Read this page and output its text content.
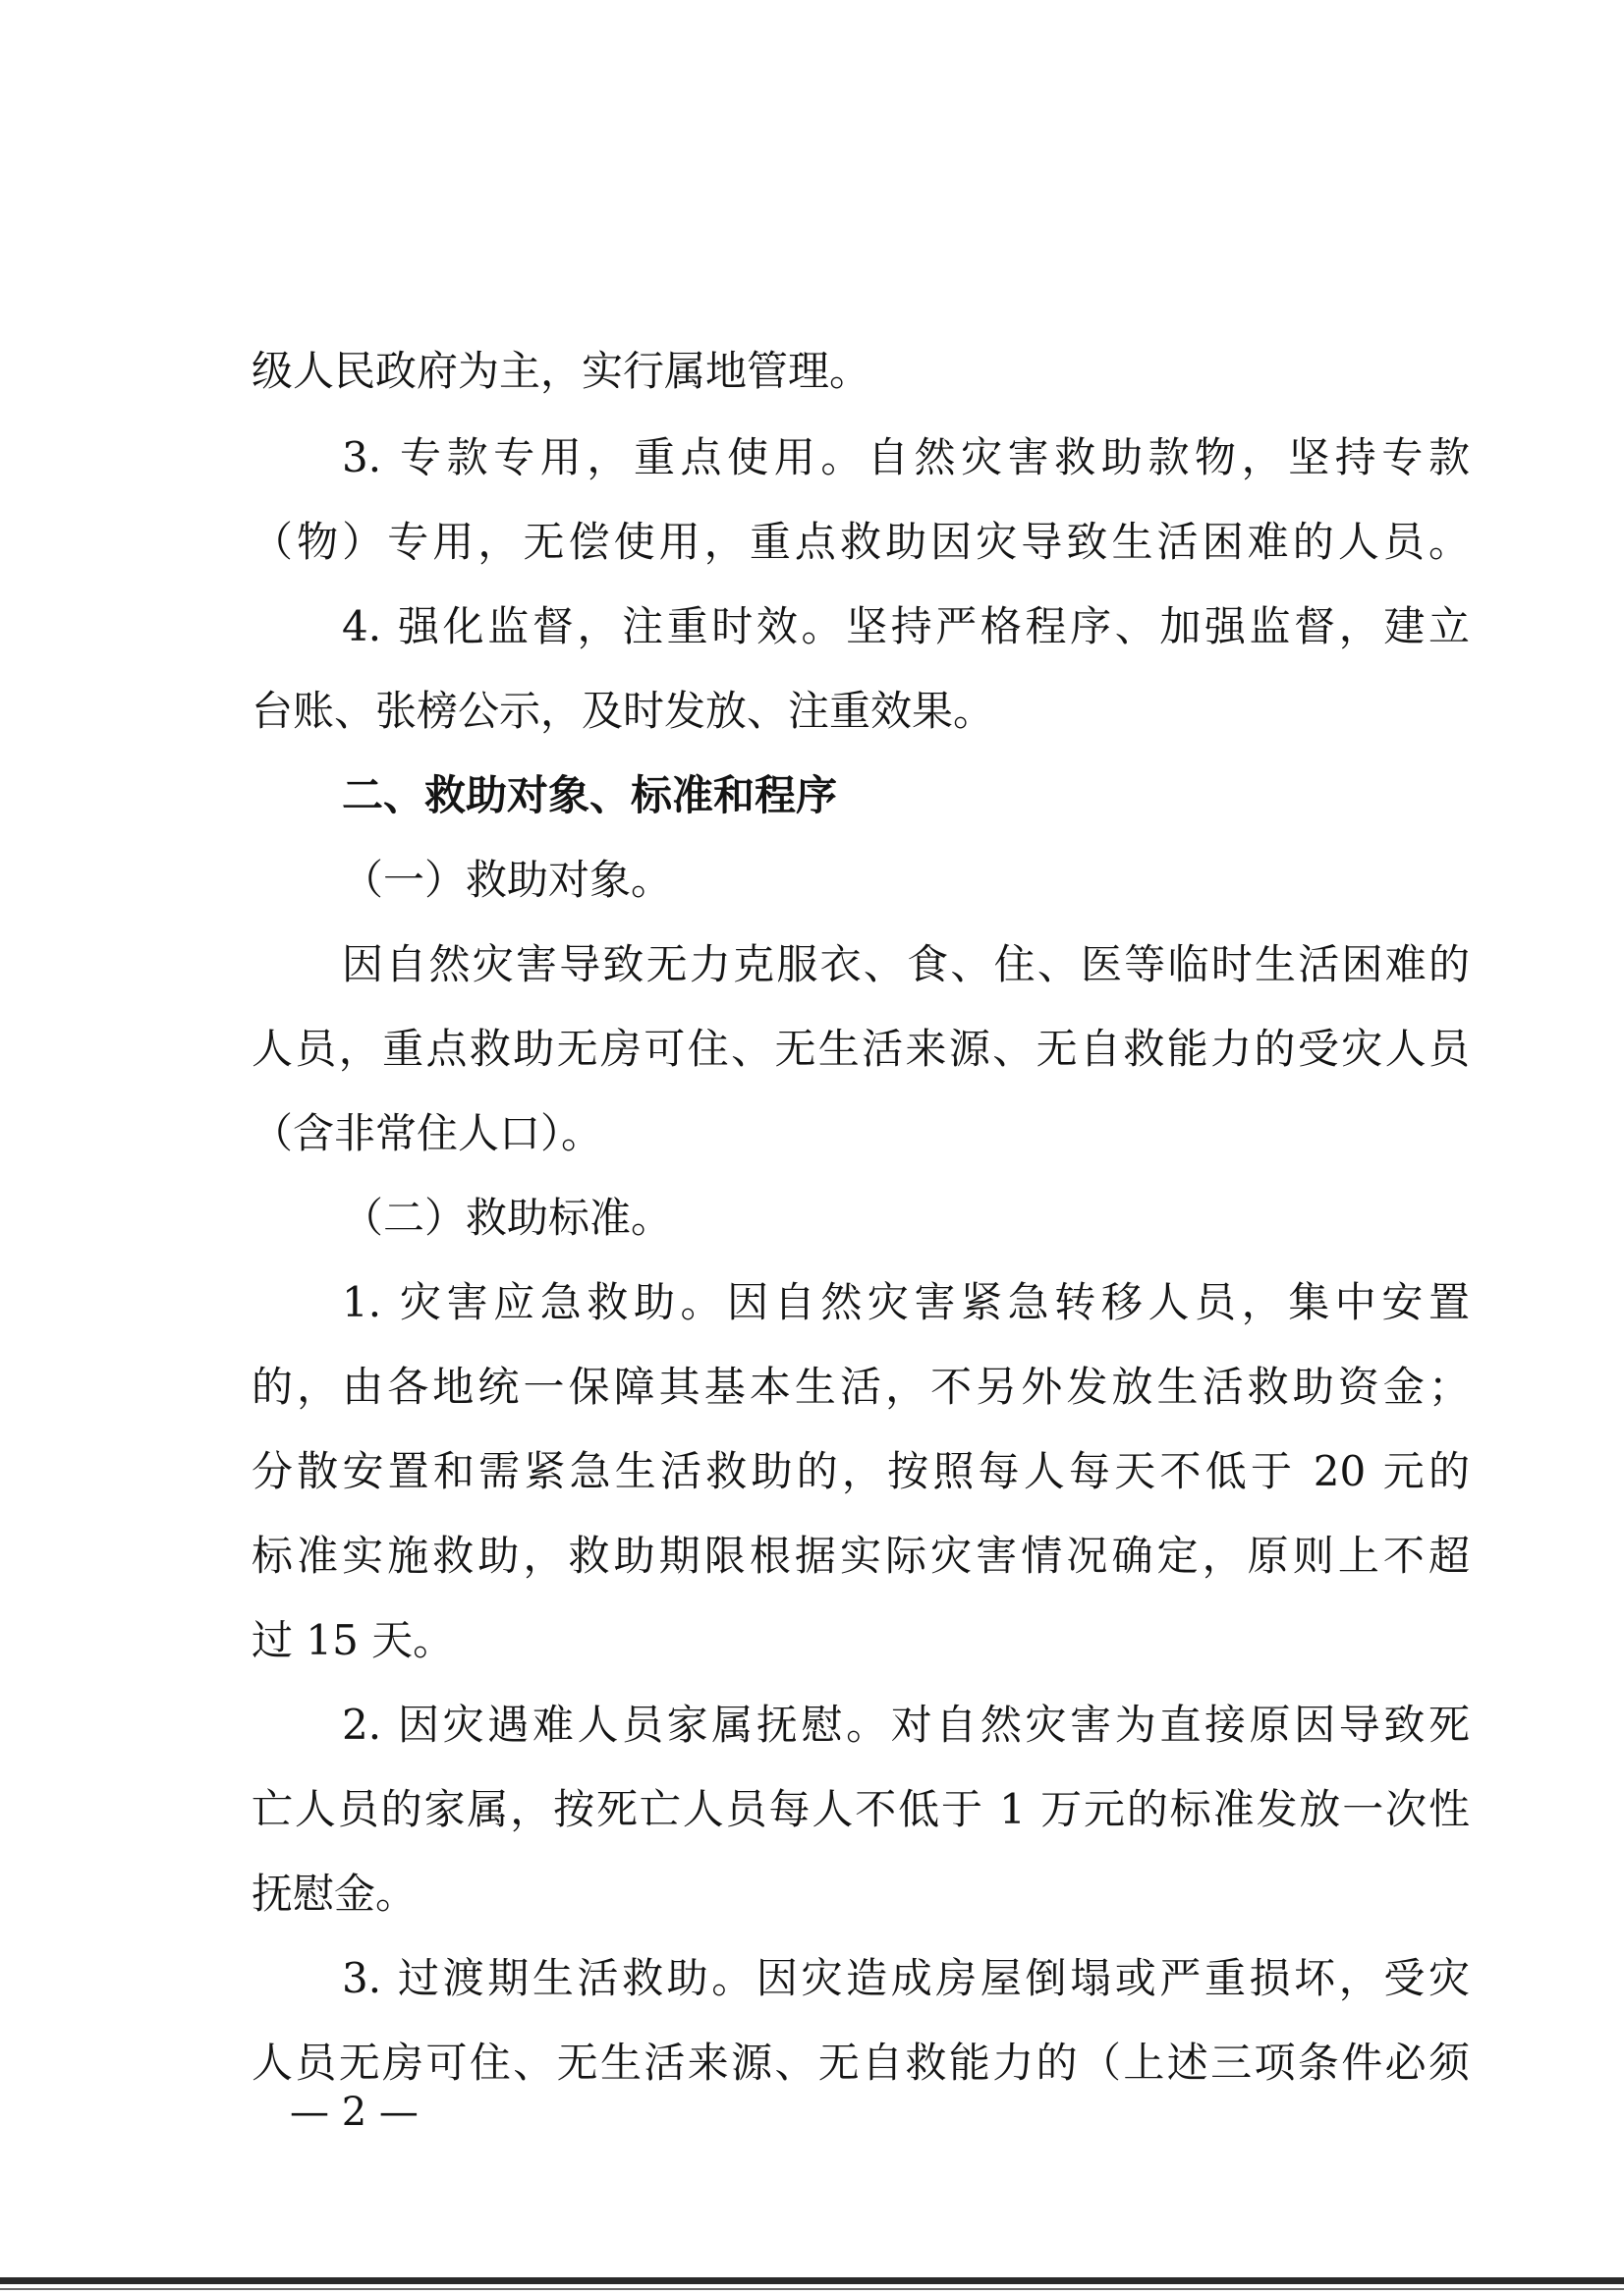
级人民政府为主，实行属地管理。
3. 专款专用，重点使用。自然灾害救助款物，坚持专款
（物）专用，无偿使用，重点救助因灾导致生活困难的人员。
4. 强化监督，注重时效。坚持严格程序、加强监督，建立
台账、张榜公示，及时发放、注重效果。
二、救助对象、标准和程序
（一）救助对象。
因自然灾害导致无力克服衣、食、住、医等临时生活困难的
人员，重点救助无房可住、无生活来源、无自救能力的受灾人员
（含非常住人口）。
（二）救助标准。
1. 灾害应急救助。因自然灾害紧急转移人员，集中安置
的，由各地统一保障其基本生活，不另外发放生活救助资金；
分散安置和需紧急生活救助的，按照每人每天不低于 20 元的
标准实施救助，救助期限根据实际灾害情况确定，原则上不超
过 15 天。
2. 因灾遇难人员家属抚慰。对自然灾害为直接原因导致死
亡人员的家属，按死亡人员每人不低于 1 万元的标准发放一次性
抚慰金。
3. 过渡期生活救助。因灾造成房屋倒塌或严重损坏，受灾
人员无房可住、无生活来源、无自救能力的（上述三项条件必须
— 2 —
